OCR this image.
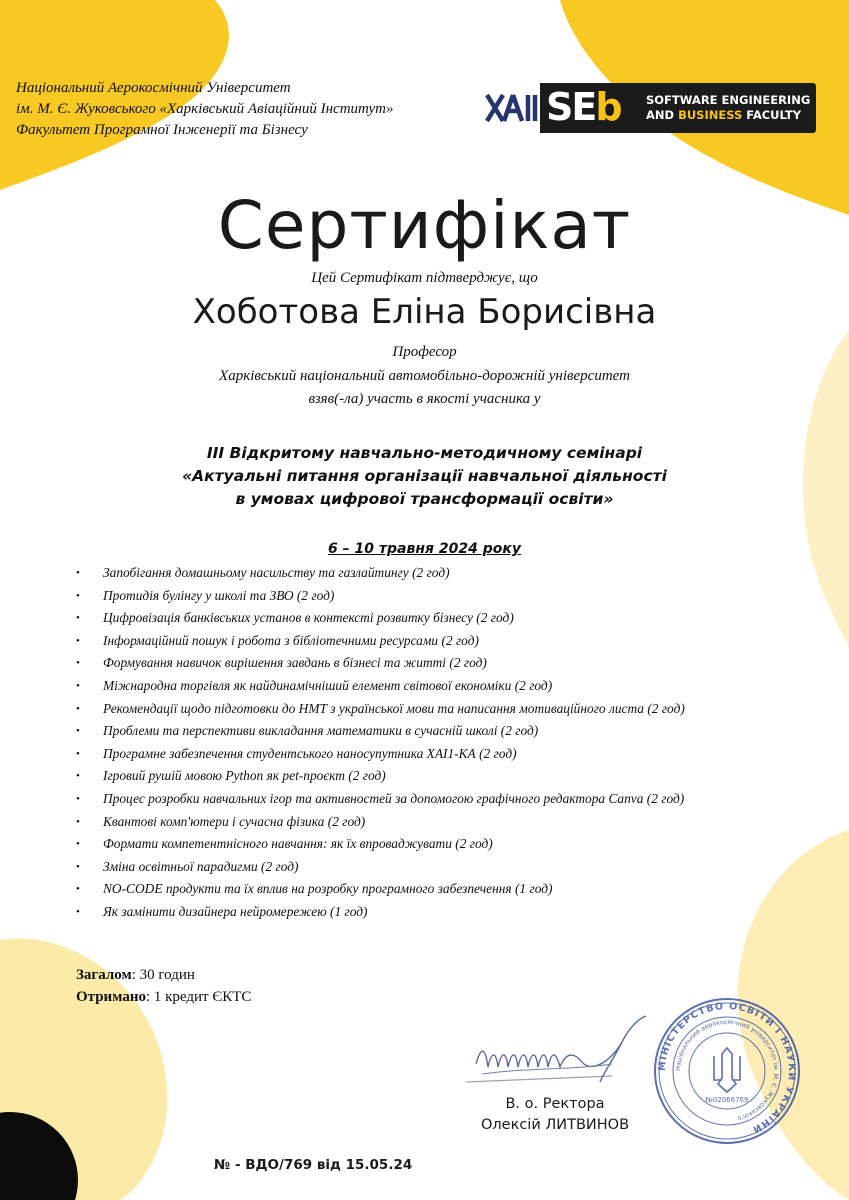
Національний Аерокосмічний Університет
ім. М. Є. Жуковського «Харківський Авіаційний Інститут»
Факультет Програмної Інженерії та Бізнесу
SEb SOFTWARE ENGINEERING
AND BUSINESS FACULTY
Сертифікат
Цей Сертифікат підтверджує, що
Хоботова Еліна Борисівна
Професор
Харківський національний автомобільно-дорожній університет
взяв(-ла) участь в якості учасника у
ІІІ Відкритому навчально-методичному семінарі
«Актуальні питання організації навчальної діяльності
в умовах цифрової трансформації освіти»
6 – 10 травня 2024 року
• Запобігання домашньому насильству та газлайтингу (2 год)
• Протидія булінгу у школі та ЗВО (2 год)
• Цифровізація банківських установ в контексті розвитку бізнесу (2 год)
• Інформаційний пошук і робота з бібліотечними ресурсами (2 год)
• Формування навичок вирішення завдань в бізнесі та житті (2 год)
• Міжнародна торгівля як найдинамічніший елемент світової економіки (2 год)
• Рекомендації щодо підготовки до НМТ з української мови та написання мотиваційного листа (2 год)
• Проблеми та перспективи викладання математики в сучасній школі (2 год)
• Програмне забезпечення студентського наносупутника ХАІ1-КА (2 год)
• Ігровий рушій мовою Python як pet-проєкт (2 год)
• Процес розробки навчальних ігор та активностей за допомогою графічного редактора Canva (2 год)
• Квантові комп'ютери і сучасна фізика (2 год)
• Формати компетентнісного навчання: як їх впроваджувати (2 год)
• Зміна освітньої парадигми (2 год)
• NO-CODE продукти та їх вплив на розробку програмного забезпечення (1 год)
• Як замінити дизайнера нейромережею (1 год)
Загалом: 30 годин
Отримано: 1 кредит ЄКТС
МІНІСТЕРСТВО ОСВІТИ І НАУКИ УКРАЇНИ
Національний аерокосмічний університет ім. М. Є. Жуковського
№02066769
В. о. Ректора
Олексій ЛИТВИНОВ
№ - ВДО/769 від 15.05.24
